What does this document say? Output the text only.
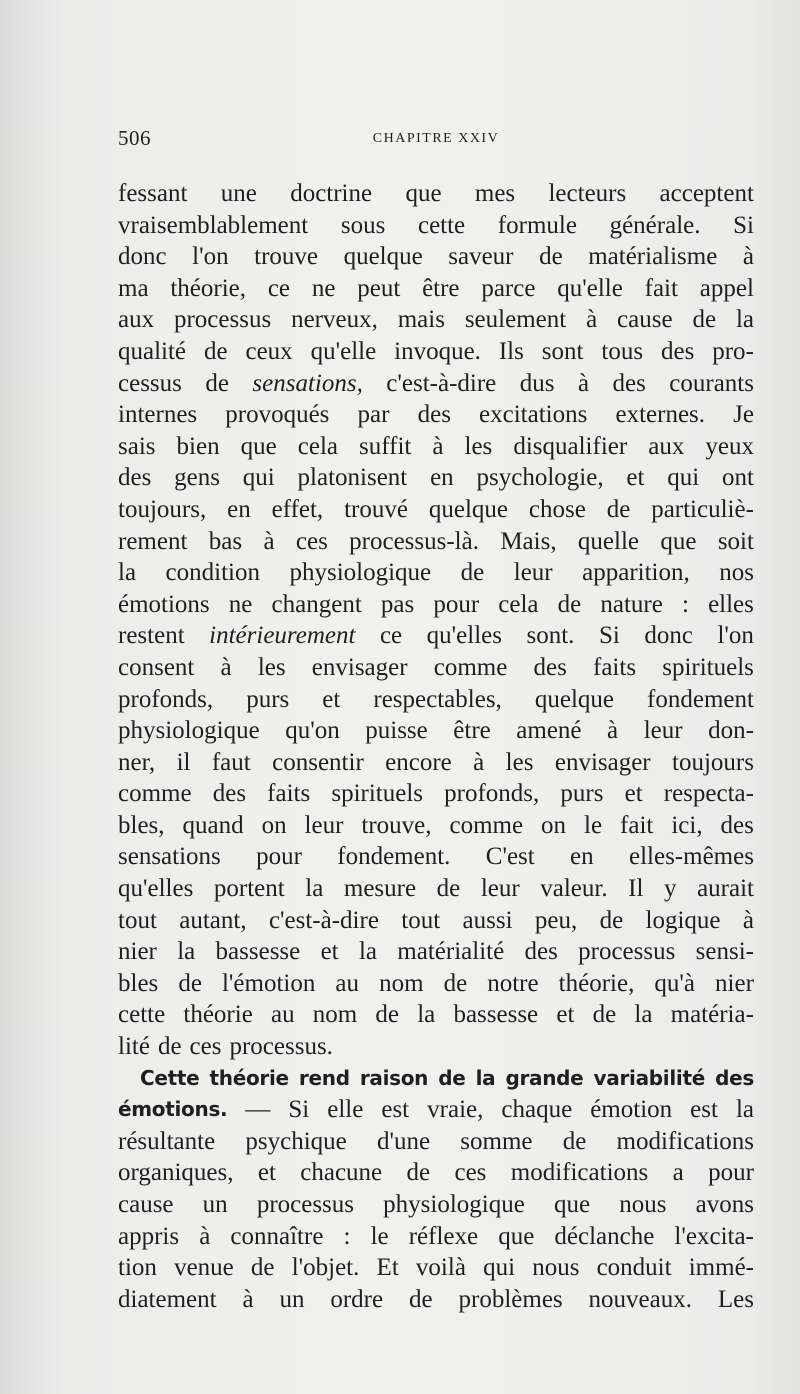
506	CHAPITRE XXIV
fessant une doctrine que mes lecteurs acceptent
vraisemblablement sous cette formule générale. Si
donc l'on trouve quelque saveur de matérialisme à
ma théorie, ce ne peut être parce qu'elle fait appel
aux processus nerveux, mais seulement à cause de la
qualité de ceux qu'elle invoque. Ils sont tous des pro-
cessus de sensations, c'est-à-dire dus à des courants
internes provoqués par des excitations externes. Je
sais bien que cela suffit à les disqualifier aux yeux
des gens qui platonisent en psychologie, et qui ont
toujours, en effet, trouvé quelque chose de particuliè-
rement bas à ces processus-là. Mais, quelle que soit
la condition physiologique de leur apparition, nos
émotions ne changent pas pour cela de nature : elles
restent intérieurement ce qu'elles sont. Si donc l'on
consent à les envisager comme des faits spirituels
profonds, purs et respectables, quelque fondement
physiologique qu'on puisse être amené à leur don-
ner, il faut consentir encore à les envisager toujours
comme des faits spirituels profonds, purs et respecta-
bles, quand on leur trouve, comme on le fait ici, des
sensations pour fondement. C'est en elles-mêmes
qu'elles portent la mesure de leur valeur. Il y aurait
tout autant, c'est-à-dire tout aussi peu, de logique à
nier la bassesse et la matérialité des processus sensi-
bles de l'émotion au nom de notre théorie, qu'à nier
cette théorie au nom de la bassesse et de la matéria-
lité de ces processus.
Cette théorie rend raison de la grande variabilité des
émotions. — Si elle est vraie, chaque émotion est la
résultante psychique d'une somme de modifications
organiques, et chacune de ces modifications a pour
cause un processus physiologique que nous avons
appris à connaître : le réflexe que déclanche l'excita-
tion venue de l'objet. Et voilà qui nous conduit immé-
diatement à un ordre de problèmes nouveaux. Les
